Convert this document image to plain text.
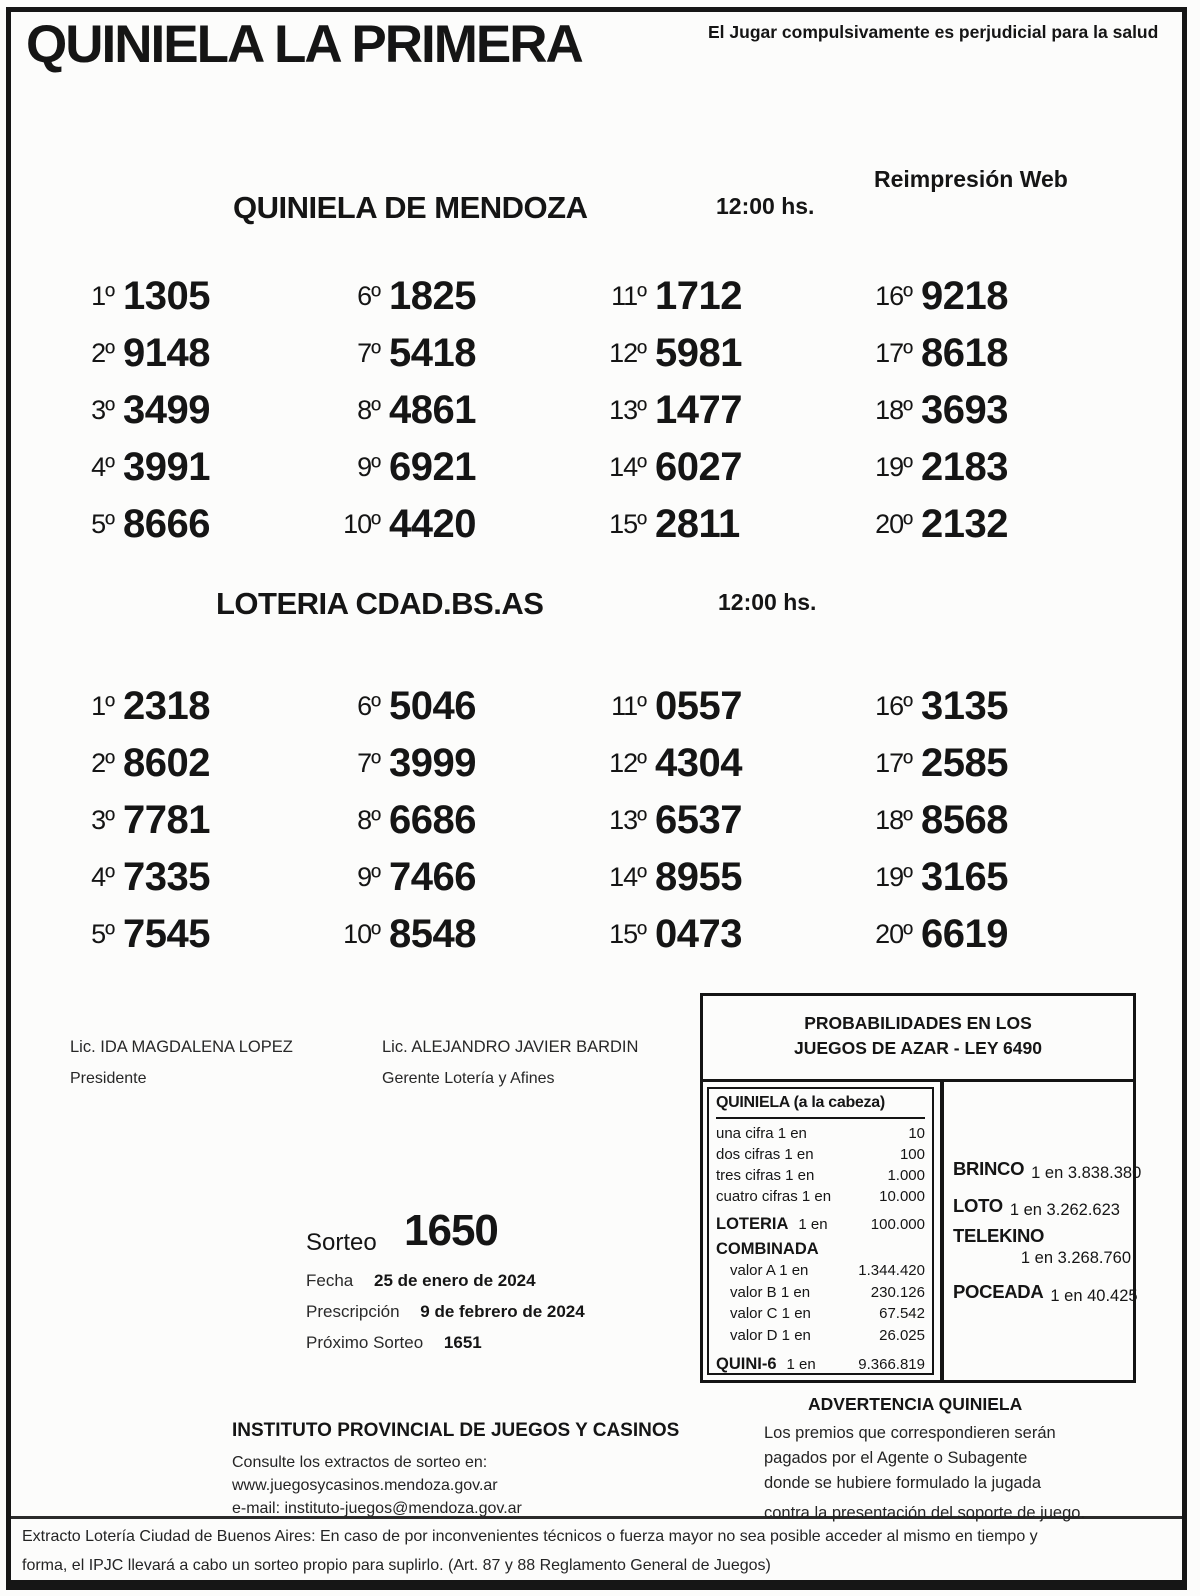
QUINIELA LA PRIMERA	El Jugar compulsivamente es perjudicial para la salud
Reimpresión Web
QUINIELA DE MENDOZA	12:00 hs.
1º 1305
2º 9148
3º 3499
4º 3991
5º 8666
6º 1825
7º 5418
8º 4861
9º 6921
10º 4420
11º 1712
12º 5981
13º 1477
14º 6027
15º 2811
16º 9218
17º 8618
18º 3693
19º 2183
20º 2132
LOTERIA CDAD.BS.AS	12:00 hs.
1º 2318
2º 8602
3º 7781
4º 7335
5º 7545
6º 5046
7º 3999
8º 6686
9º 7466
10º 8548
11º 0557
12º 4304
13º 6537
14º 8955
15º 0473
16º 3135
17º 2585
18º 8568
19º 3165
20º 6619
Lic. IDA MAGDALENA LOPEZ
Presidente
Lic. ALEJANDRO JAVIER BARDIN
Gerente Lotería y Afines
PROBABILIDADES EN LOS
JUEGOS DE AZAR - LEY 6490
QUINIELA (a la cabeza)
una cifra 1 en	10
dos cifras 1 en	100
tres cifras 1 en	1.000
cuatro cifras 1 en	10.000
LOTERIA 1 en	100.000
COMBINADA
valor A 1 en	1.344.420
valor B 1 en	230.126
valor C 1 en	67.542
valor D 1 en	26.025
QUINI-6 1 en	9.366.819
BRINCO 1 en 3.838.380
LOTO 1 en 3.262.623
TELEKINO
1 en 3.268.760
POCEADA 1 en 40.425
Sorteo 1650
Fecha 25 de enero de 2024
Prescripción 9 de febrero de 2024
Próximo Sorteo 1651
INSTITUTO PROVINCIAL DE JUEGOS Y CASINOS
Consulte los extractos de sorteo en:
www.juegosycasinos.mendoza.gov.ar
e-mail: instituto-juegos@mendoza.gov.ar
ADVERTENCIA QUINIELA
Los premios que correspondieren serán
pagados por el Agente o Subagente
donde se hubiere formulado la jugada
contra la presentación del soporte de juego.
Extracto Lotería Ciudad de Buenos Aires: En caso de por inconvenientes técnicos o fuerza mayor no sea posible acceder al mismo en tiempo y
forma, el IPJC llevará a cabo un sorteo propio para suplirlo. (Art. 87 y 88 Reglamento General de Juegos)
